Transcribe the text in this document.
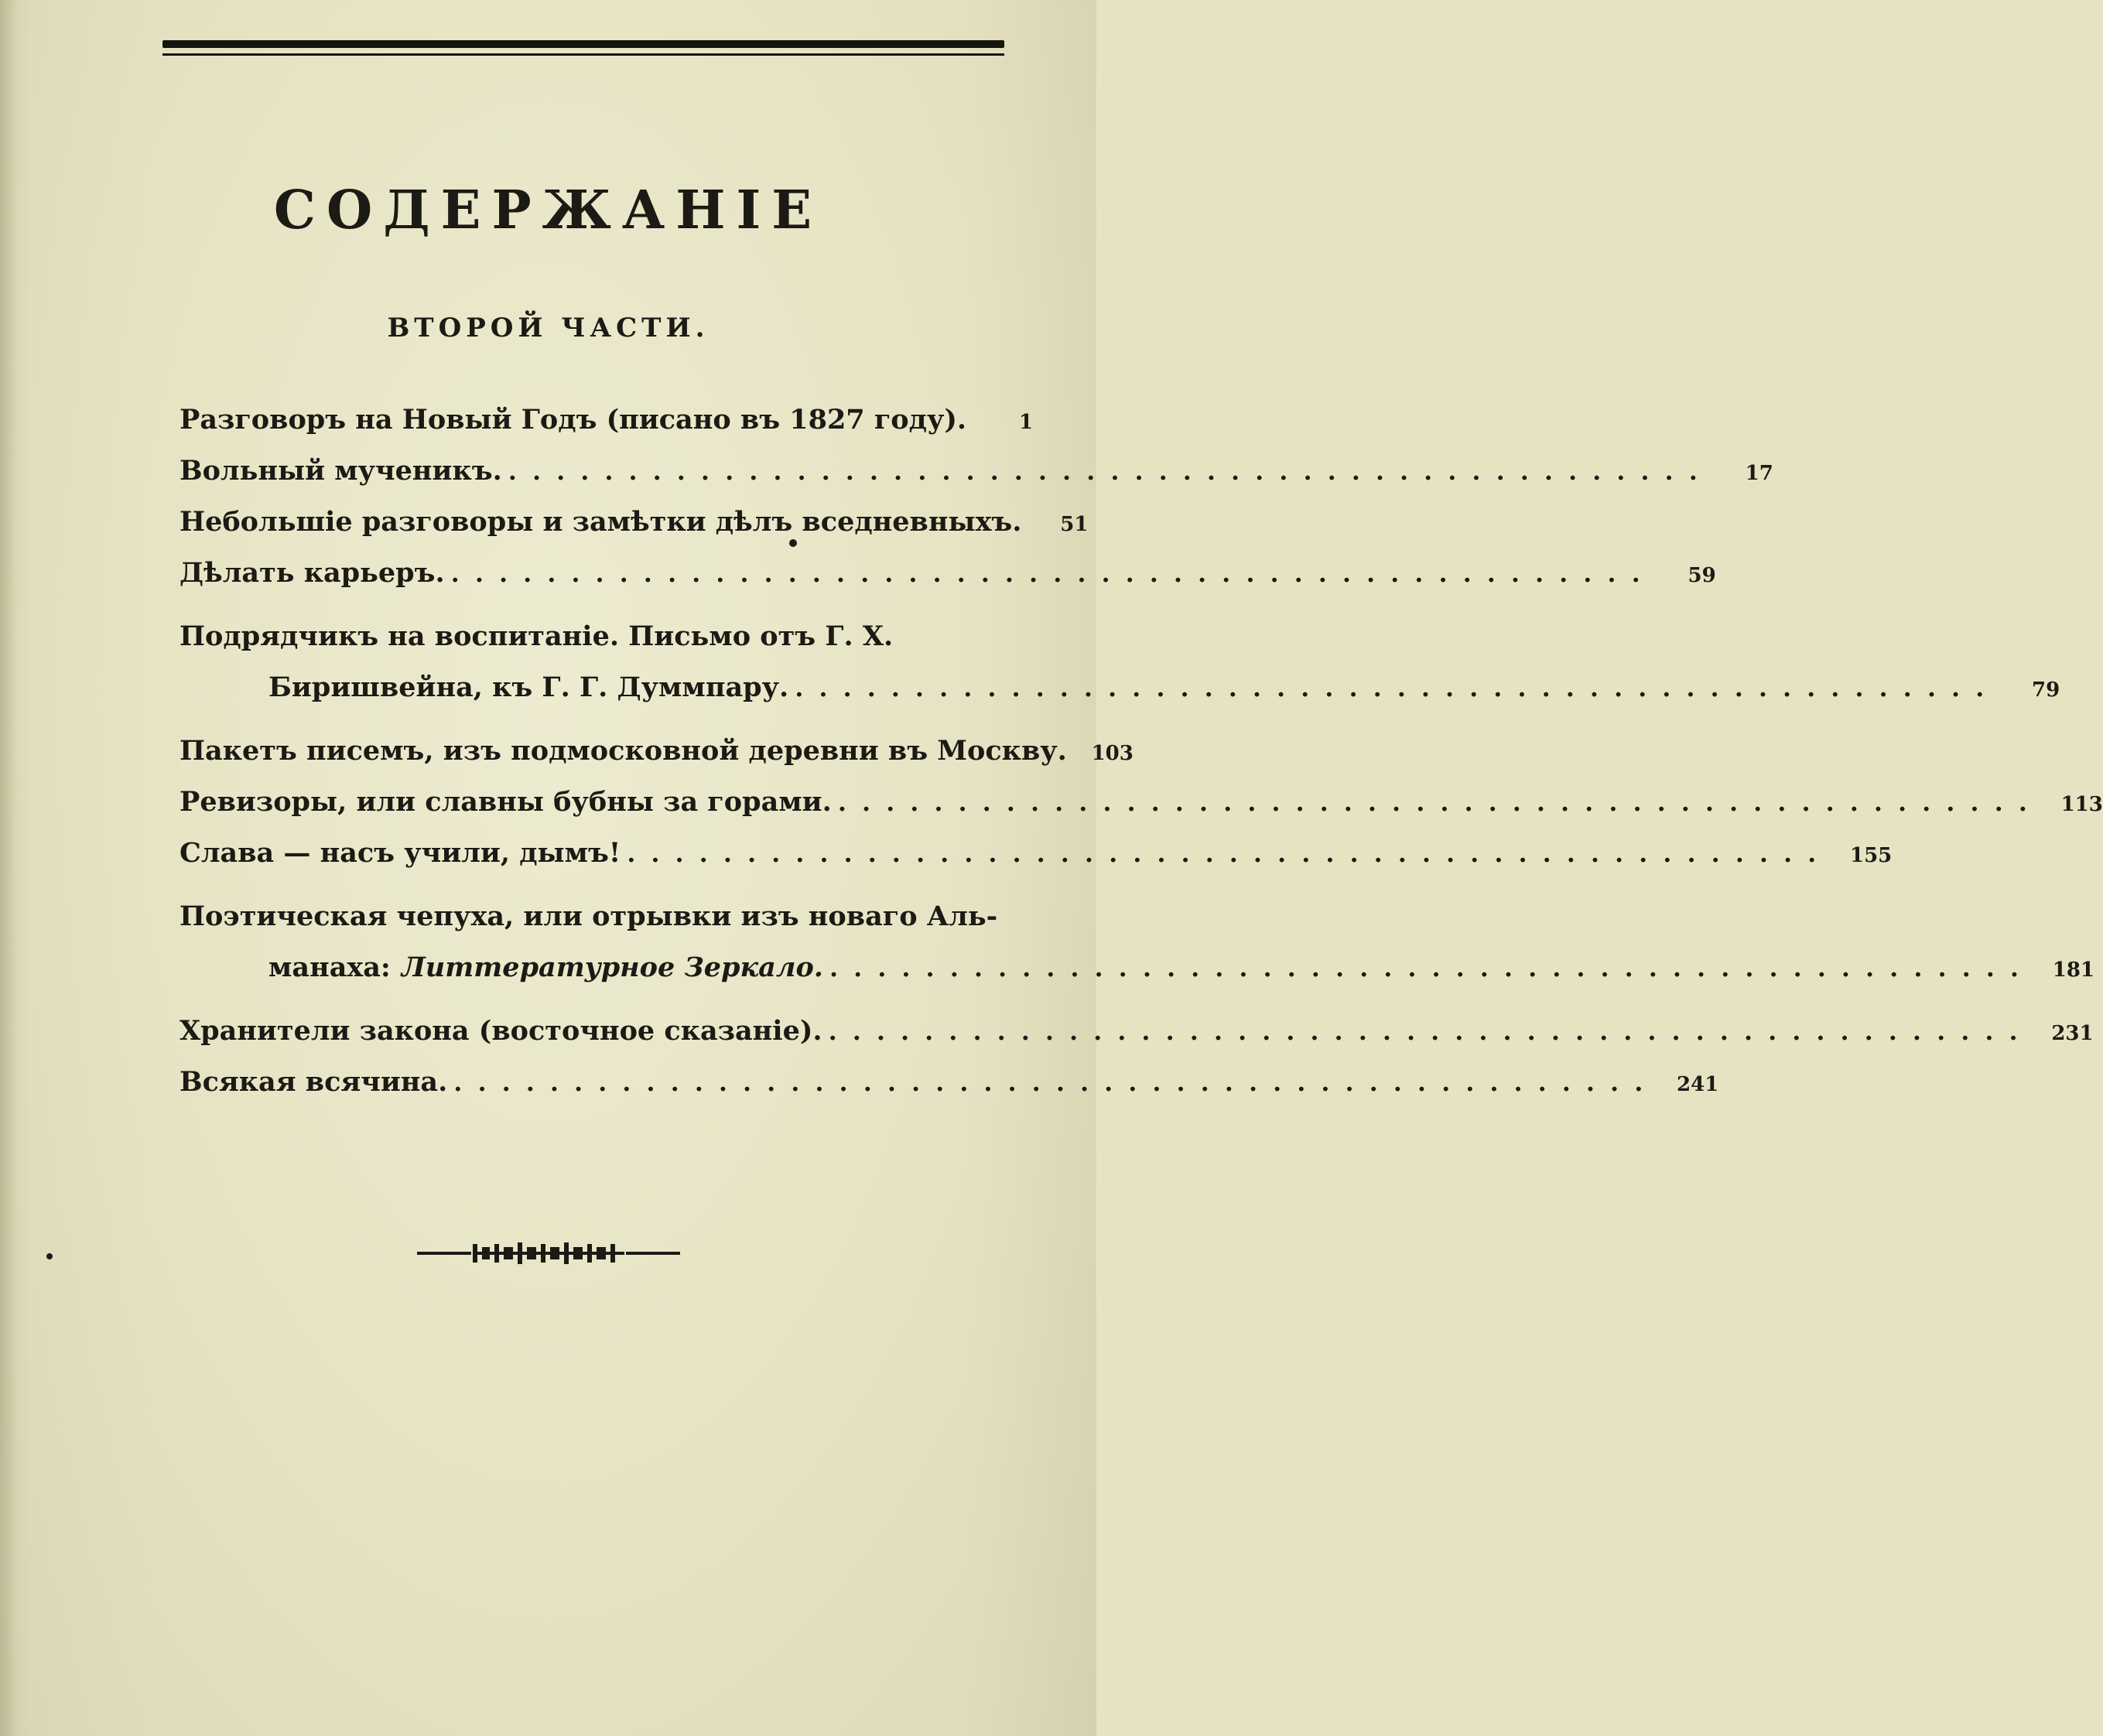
СОДЕРЖАНІЕ
ВТОРОЙ ЧАСТИ.
Разговоръ на Новый Годъ (писано въ 1827 году).	1
Вольный мученикъ. ..................................................	17
Небольшіе разговоры и замѣтки дѣлъ вседневныхъ.	51
Дѣлать карьеръ. ..................................................	59
Подрядчикъ на воспитаніе. Письмо отъ Г. Х.
Биришвейна, къ Г. Г. Думмпару. ..................................................	79
Пакетъ писемъ, изъ подмосковной деревни въ Москву.	103
Ревизоры, или славны бубны за горами. .................................................. 113
Слава — насъ учили, дымъ! .................................................. 155
Поэтическая чепуха, или отрывки изъ новаго Аль-
манаха: Литтературное Зеркало. .................................................. 181
Хранители закона (восточное сказаніе). .................................................. 231
Всякая всячина. .................................................. 241
